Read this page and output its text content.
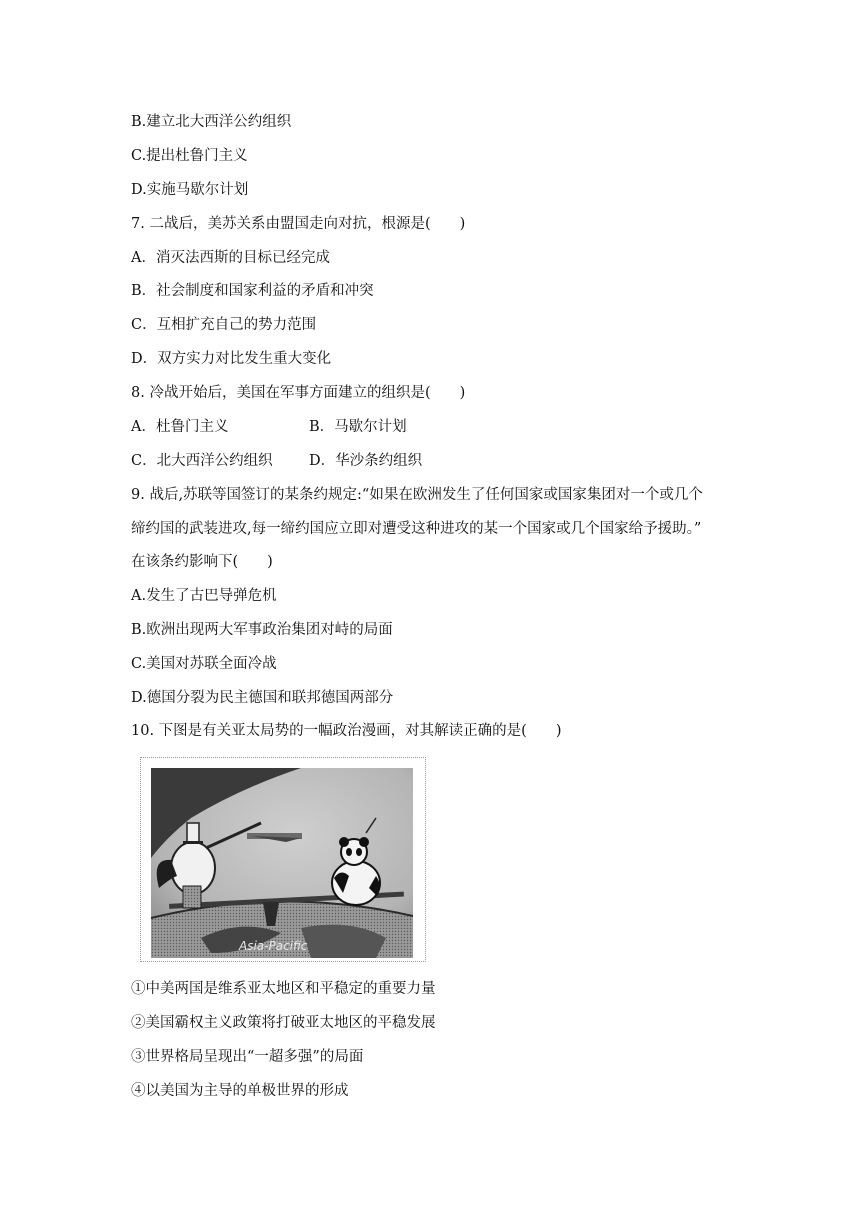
B.建立北大西洋公约组织
C.提出杜鲁门主义
D.实施马歇尔计划
7. 二战后，美苏关系由盟国走向对抗，根源是(　　)
A．消灭法西斯的目标已经完成
B．社会制度和国家利益的矛盾和冲突
C．互相扩充自己的势力范围
D．双方实力对比发生重大变化
8. 冷战开始后，美国在军事方面建立的组织是(　　)
A．杜鲁门主义	B．马歇尔计划
C．北大西洋公约组织	D．华沙条约组织
9. 战后,苏联等国签订的某条约规定:“如果在欧洲发生了任何国家或国家集团对一个或几个
缔约国的武装进攻,每一缔约国应立即对遭受这种进攻的某一个国家或几个国家给予援助。”
在该条约影响下(　　)
A.发生了古巴导弹危机
B.欧洲出现两大军事政治集团对峙的局面
C.美国对苏联全面冷战
D.德国分裂为民主德国和联邦德国两部分
10. 下图是有关亚太局势的一幅政治漫画，对其解读正确的是(　　)
Asia-Pacific
①中美两国是维系亚太地区和平稳定的重要力量
②美国霸权主义政策将打破亚太地区的平稳发展
③世界格局呈现出“一超多强”的局面
④以美国为主导的单极世界的形成
